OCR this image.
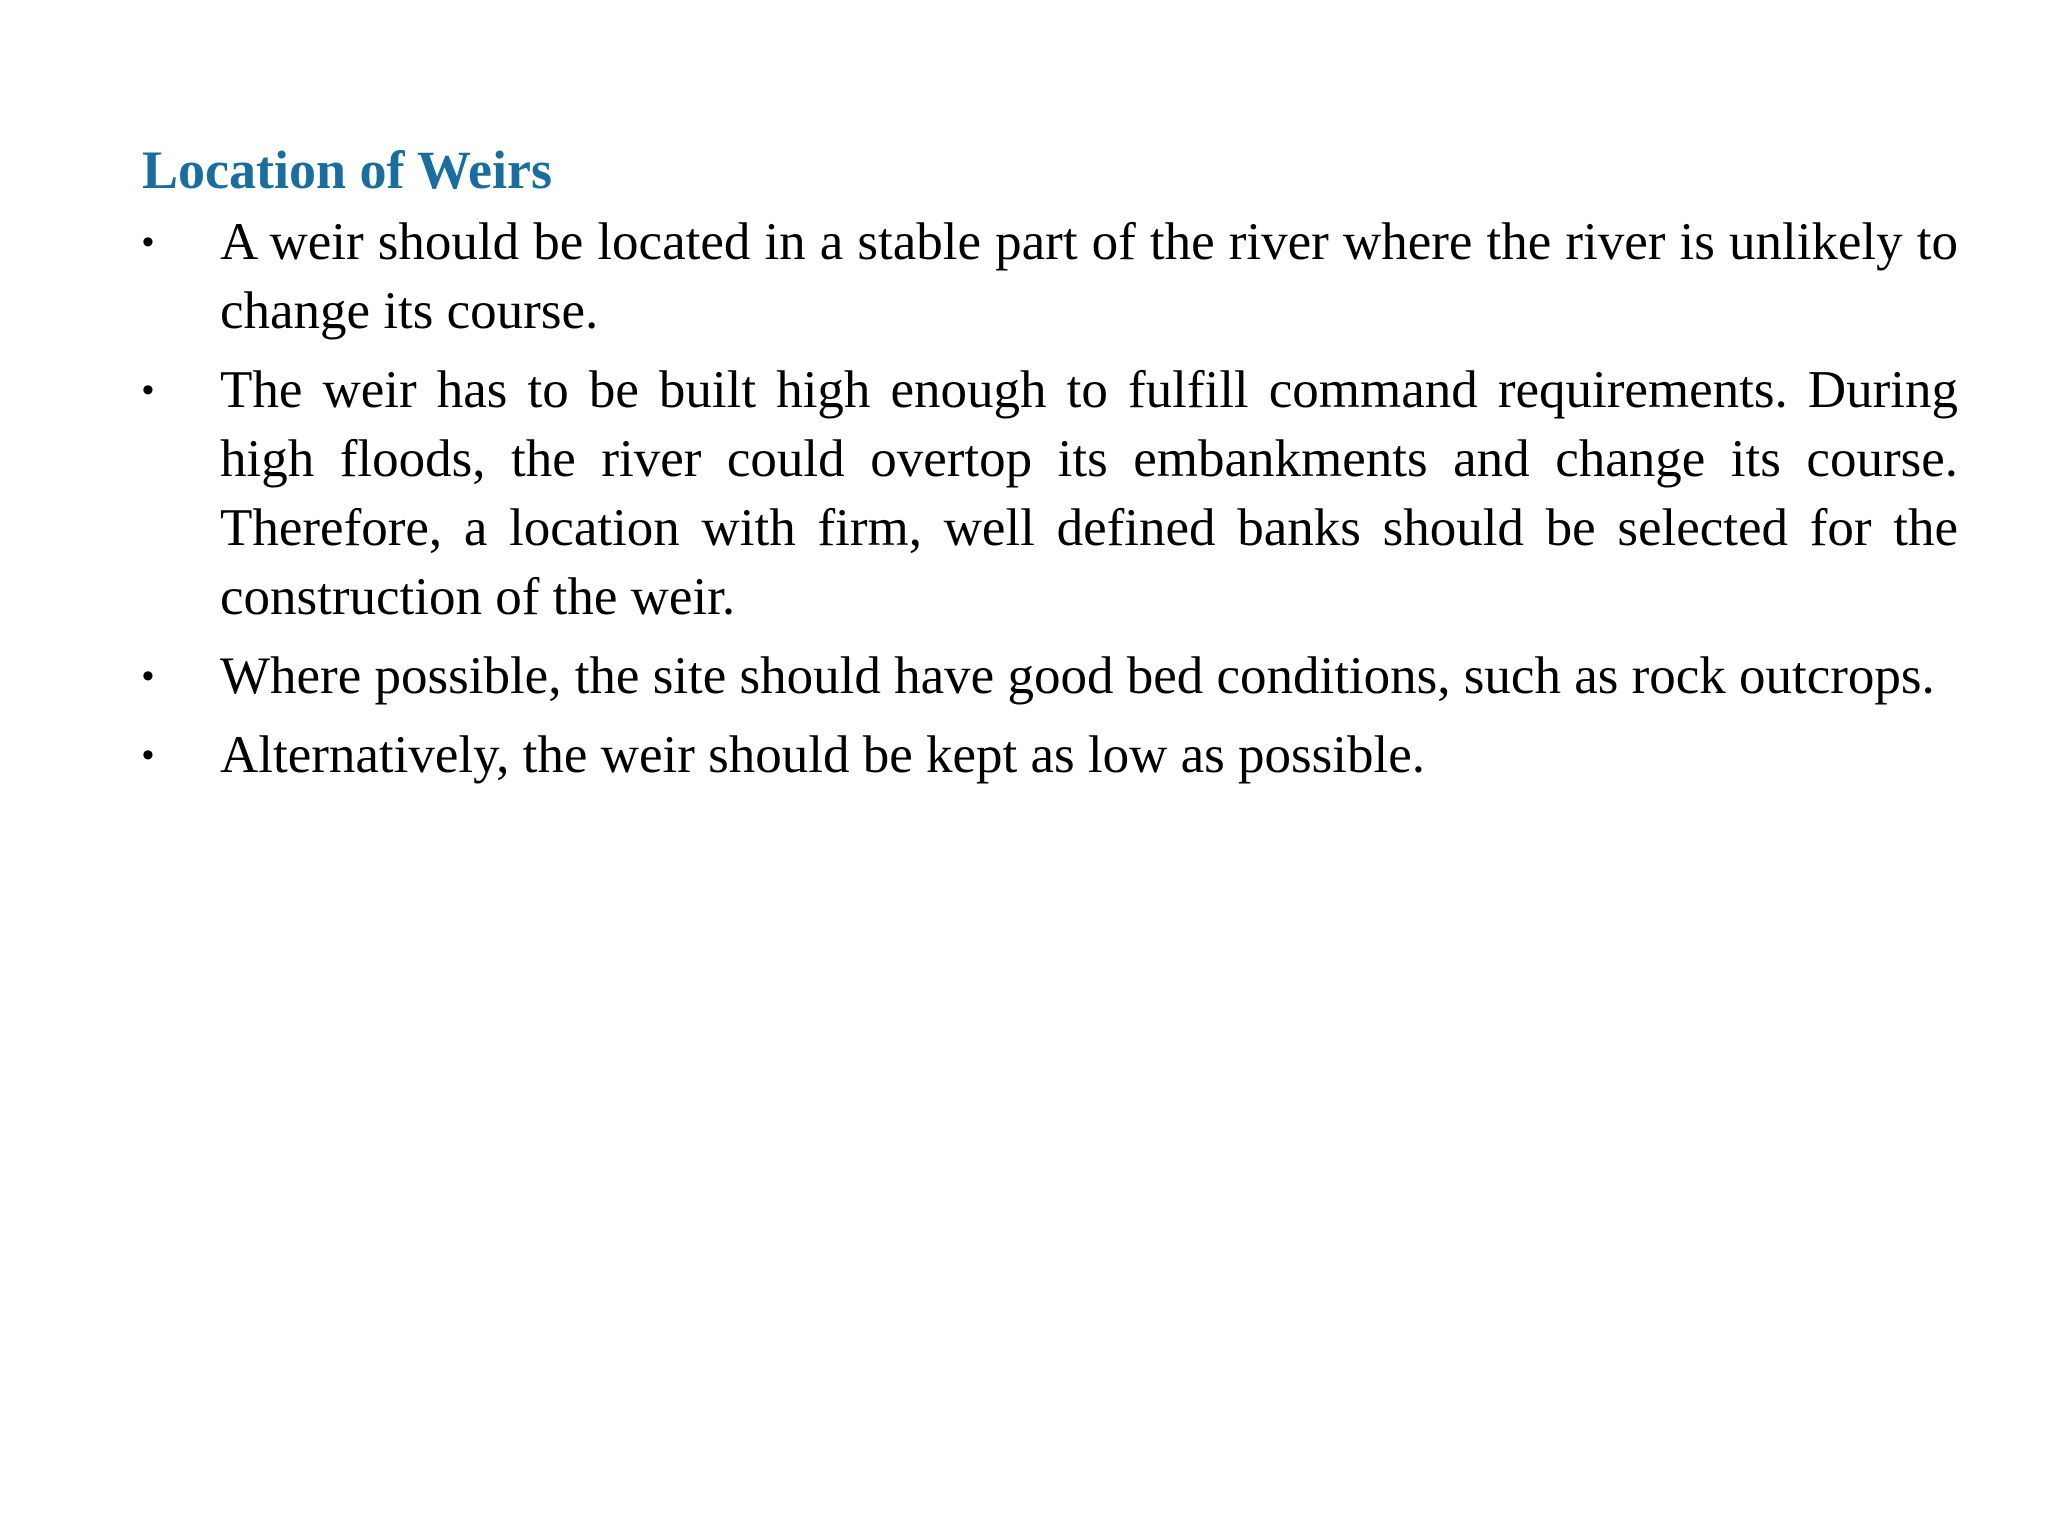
Location of Weirs
• A weir should be located in a stable part of the river where the river is unlikely to change its course.
• The weir has to be built high enough to fulfill command requirements. During high floods, the river could overtop its embankments and change its course. Therefore, a location with firm, well defined banks should be selected for the construction of the weir.
• Where possible, the site should have good bed conditions, such as rock outcrops.
• Alternatively, the weir should be kept as low as possible.
